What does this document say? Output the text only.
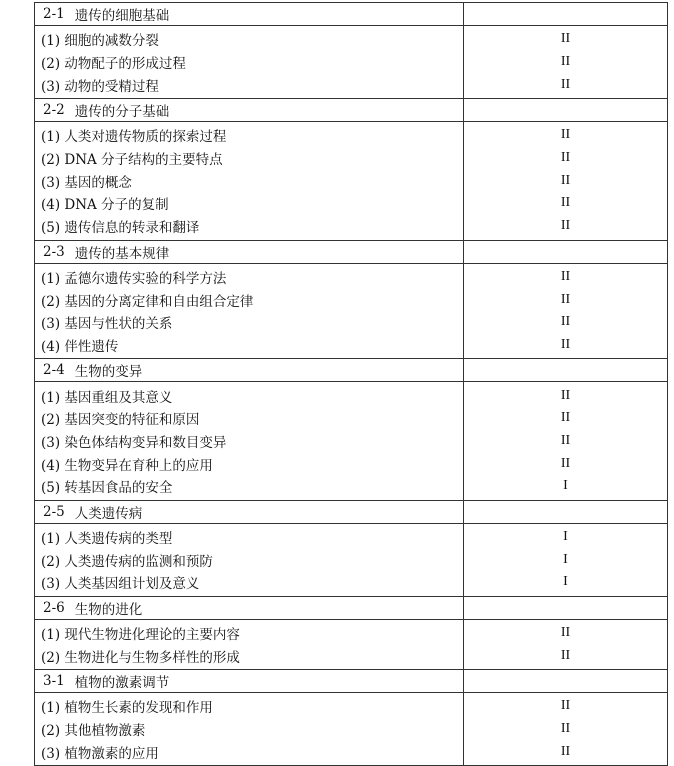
2-1 遗传的细胞基础
(1) 细胞的减数分裂
(2) 动物配子的形成过程
(3) 动物的受精过程
II
II
II
2-2 遗传的分子基础
(1) 人类对遗传物质的探索过程
(2) DNA 分子结构的主要特点
(3) 基因的概念
(4) DNA 分子的复制
(5) 遗传信息的转录和翻译
II
II
II
II
II
2-3 遗传的基本规律
(1) 孟德尔遗传实验的科学方法
(2) 基因的分离定律和自由组合定律
(3) 基因与性状的关系
(4) 伴性遗传
II
II
II
II
2-4 生物的变异
(1) 基因重组及其意义
(2) 基因突变的特征和原因
(3) 染色体结构变异和数目变异
(4) 生物变异在育种上的应用
(5) 转基因食品的安全
II
II
II
II
I
2-5 人类遗传病
(1) 人类遗传病的类型
(2) 人类遗传病的监测和预防
(3) 人类基因组计划及意义
I
I
I
2-6 生物的进化
(1) 现代生物进化理论的主要内容
(2) 生物进化与生物多样性的形成
II
II
3-1 植物的激素调节
(1) 植物生长素的发现和作用
(2) 其他植物激素
(3) 植物激素的应用
II
II
II
